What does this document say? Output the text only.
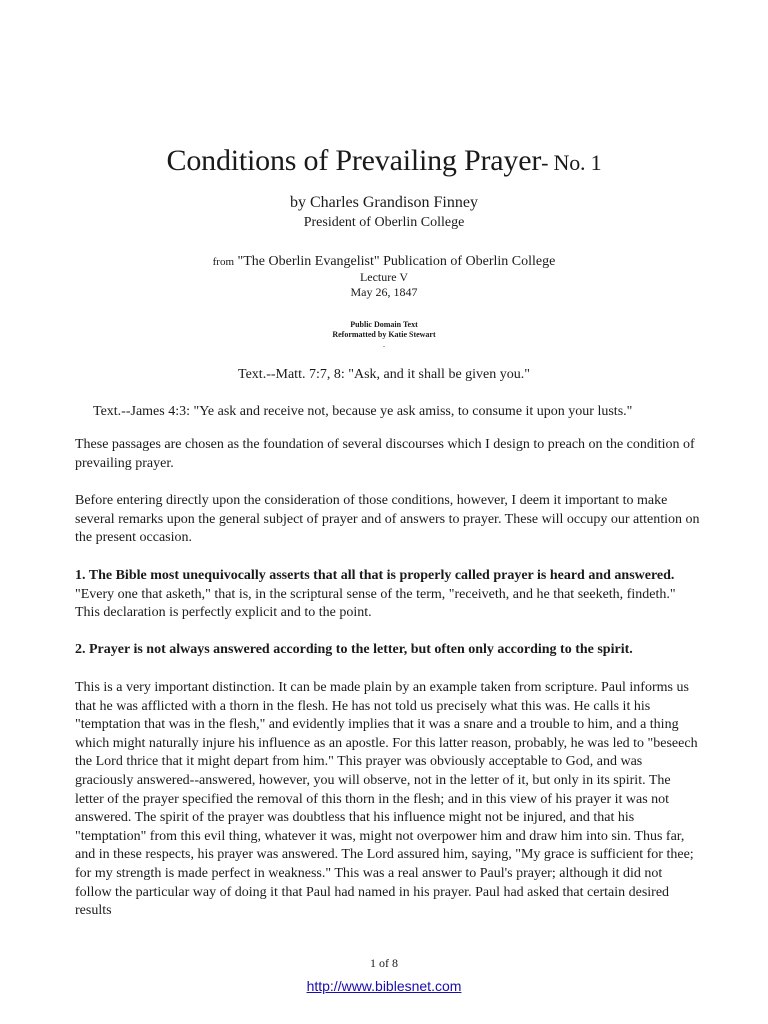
Conditions of Prevailing Prayer- No. 1
by Charles Grandison Finney
President of Oberlin College
from "The Oberlin Evangelist" Publication of Oberlin College
Lecture V
May 26, 1847
Public Domain Text
Reformatted by Katie Stewart
.
Text.--Matt. 7:7, 8: "Ask, and it shall be given you."
Text.--James 4:3: "Ye ask and receive not, because ye ask amiss, to consume it upon your lusts."

These passages are chosen as the foundation of several discourses which I design to preach on the condition of prevailing prayer.

Before entering directly upon the consideration of those conditions, however, I deem it important to make several remarks upon the general subject of prayer and of answers to prayer. These will occupy our attention on the present occasion.

1. The Bible most unequivocally asserts that all that is properly called prayer is heard and answered. "Every one that asketh," that is, in the scriptural sense of the term, "receiveth, and he that seeketh, findeth." This declaration is perfectly explicit and to the point.

2. Prayer is not always answered according to the letter, but often only according to the spirit.

This is a very important distinction. It can be made plain by an example taken from scripture. Paul informs us that he was afflicted with a thorn in the flesh. He has not told us precisely what this was. He calls it his "temptation that was in the flesh," and evidently implies that it was a snare and a trouble to him, and a thing which might naturally injure his influence as an apostle. For this latter reason, probably, he was led to "beseech the Lord thrice that it might depart from him." This prayer was obviously acceptable to God, and was graciously answered--answered, however, you will observe, not in the letter of it, but only in its spirit. The letter of the prayer specified the removal of this thorn in the flesh; and in this view of his prayer it was not answered. The spirit of the prayer was doubtless that his influence might not be injured, and that his "temptation" from this evil thing, whatever it was, might not overpower him and draw him into sin. Thus far, and in these respects, his prayer was answered. The Lord assured him, saying, "My grace is sufficient for thee; for my strength is made perfect in weakness." This was a real answer to Paul's prayer; although it did not follow the particular way of doing it that Paul had named in his prayer. Paul had asked that certain desired results

1 of 8
http://www.biblesnet.com
